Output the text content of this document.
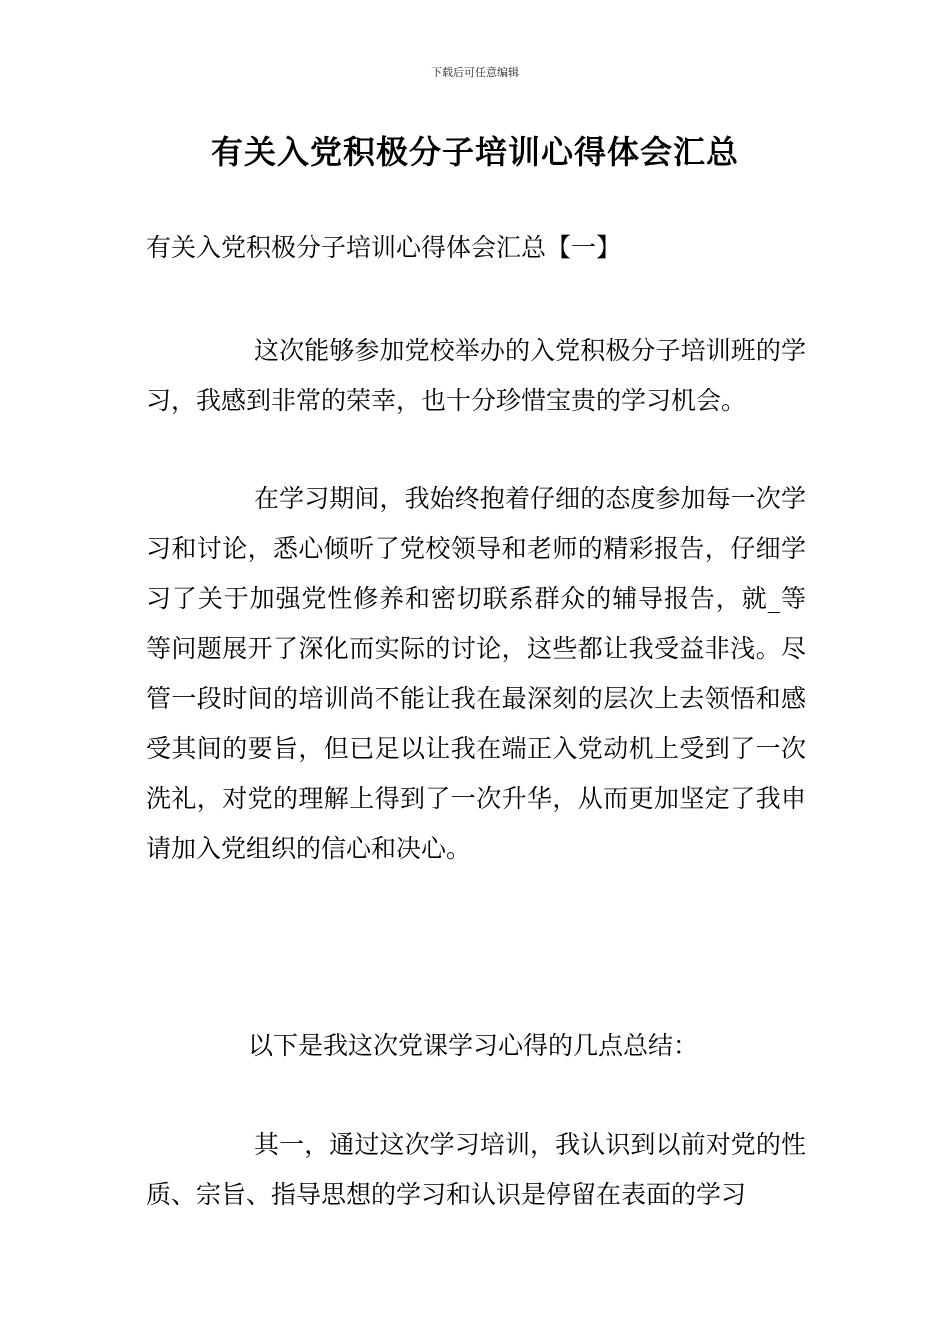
下载后可任意编辑
有关入党积极分子培训心得体会汇总
有关入党积极分子培训心得体会汇总【一】

这次能够参加党校举办的入党积极分子培训班的学习，我感到非常的荣幸，也十分珍惜宝贵的学习机会。

在学习期间，我始终抱着仔细的态度参加每一次学习和讨论，悉心倾听了党校领导和老师的精彩报告，仔细学习了关于加强党性修养和密切联系群众的辅导报告，就_等等问题展开了深化而实际的讨论，这些都让我受益非浅。尽管一段时间的培训尚不能让我在最深刻的层次上去领悟和感受其间的要旨，但已足以让我在端正入党动机上受到了一次洗礼，对党的理解上得到了一次升华，从而更加坚定了我申请加入党组织的信心和决心。

以下是我这次党课学习心得的几点总结：

其一，通过这次学习培训，我认识到以前对党的性质、宗旨、指导思想的学习和认识是停留在表面的学习
